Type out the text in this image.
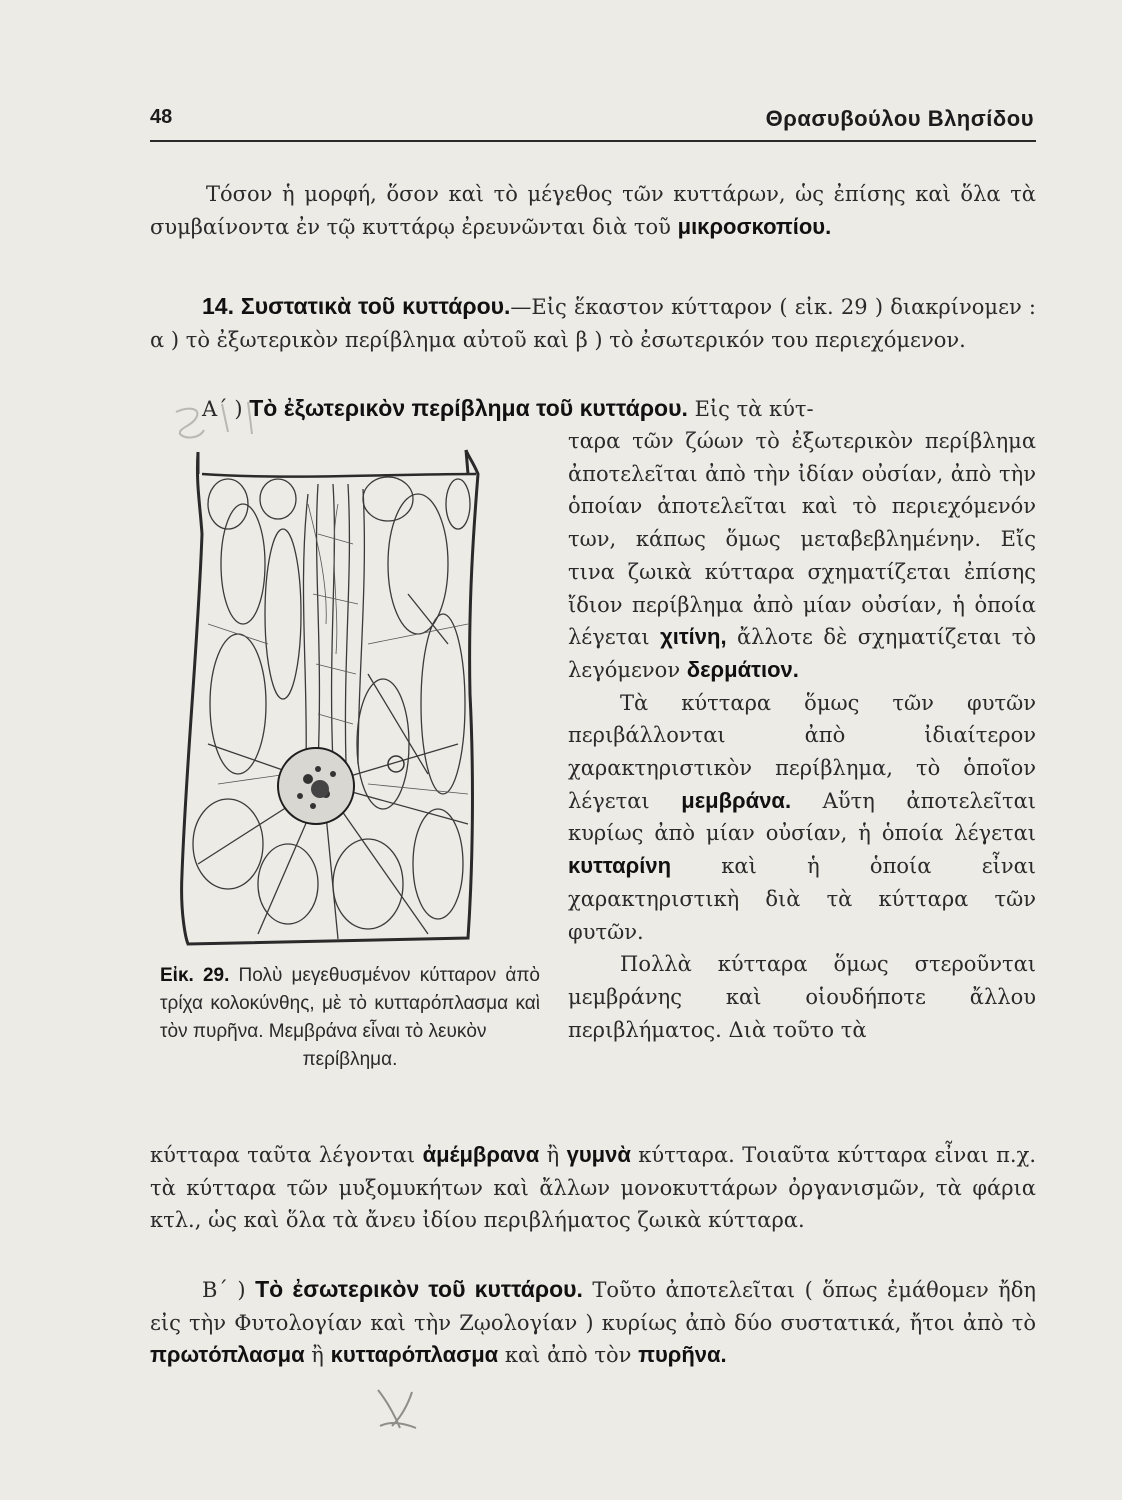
48	Θρασυβούλου Βλησίδου
Τόσον ἡ μορφή, ὅσον καὶ τὸ μέγεθος τῶν κυττάρων, ὡς ἐπίσης καὶ ὅλα τὰ συμβαίνοντα ἐν τῷ κυττάρῳ ἐρευνῶνται διὰ τοῦ μικροσκοπίου.
14. Συστατικὰ τοῦ κυττάρου.—Εἰς ἕκαστον κύτταρον ( εἰκ. 29 ) διακρίνομεν : α ) τὸ ἐξωτερικὸν περίβλημα αὐτοῦ καὶ β ) τὸ ἐσωτερικόν του περιεχόμενον.
Α΄ ) Τὸ ἐξωτερικὸν περίβλημα τοῦ κυττάρου. Εἰς τὰ κύτ-

ταρα τῶν ζώων τὸ ἐξωτερικὸν περίβλημα ἀποτελεῖται ἀπὸ τὴν ἰδίαν οὐσίαν, ἀπὸ τὴν ὁποίαν ἀποτελεῖται καὶ τὸ περιεχόμενόν των, κάπως ὅμως μεταβεβλημένην. Εἴς τινα ζωικὰ κύτταρα σχηματίζεται ἐπίσης ἴδιον περίβλημα ἀπὸ μίαν οὐσίαν, ἡ ὁποία λέγεται χιτίνη, ἄλλοτε δὲ σχηματίζεται τὸ λεγόμενον δερμάτιον.

Τὰ κύτταρα ὅμως τῶν φυτῶν περιβάλλονται ἀπὸ ἰδιαίτερον χαρακτηριστικὸν περίβλημα, τὸ ὁποῖον λέγεται μεμβράνα. Αὕτη ἀποτελεῖται κυρίως ἀπὸ μίαν οὐσίαν, ἡ ὁποία λέγεται κυτταρίνη καὶ ἡ ὁποία εἶναι χαρακτηριστικὴ διὰ τὰ κύτταρα τῶν φυτῶν.

Πολλὰ κύτταρα ὅμως στεροῦνται μεμβράνης καὶ οἱουδήποτε ἄλλου περιβλήματος. Διὰ τοῦτο τὰ

κύτταρα ταῦτα λέγονται ἀμέμβρανα ἢ γυμνὰ κύτταρα. Τοιαῦτα κύτταρα εἶναι π.χ. τὰ κύτταρα τῶν μυξομυκήτων καὶ ἄλλων μονοκυττάρων ὀργανισμῶν, τὰ φάρια κτλ., ὡς καὶ ὅλα τὰ ἄνευ ἰδίου περιβλήματος ζωικὰ κύτταρα.
Β΄ ) Τὸ ἐσωτερικὸν τοῦ κυττάρου. Τοῦτο ἀποτελεῖται ( ὅπως ἐμάθομεν ἤδη εἰς τὴν Φυτολογίαν καὶ τὴν Ζῳολογίαν ) κυρίως ἀπὸ δύο συστατικά, ἤτοι ἀπὸ τὸ πρωτόπλασμα ἢ κυτταρόπλασμα καὶ ἀπὸ τὸν πυρῆνα.
Εἰκ. 29. Πολὺ μεγεθυσμένον κύτταρον ἀπὸ τρίχα κολοκύνθης, μὲ τὸ κυτταρόπλασμα καὶ τὸν πυρῆνα. Μεμβράνα εἶναι τὸ λευκὸν
περίβλημα.
